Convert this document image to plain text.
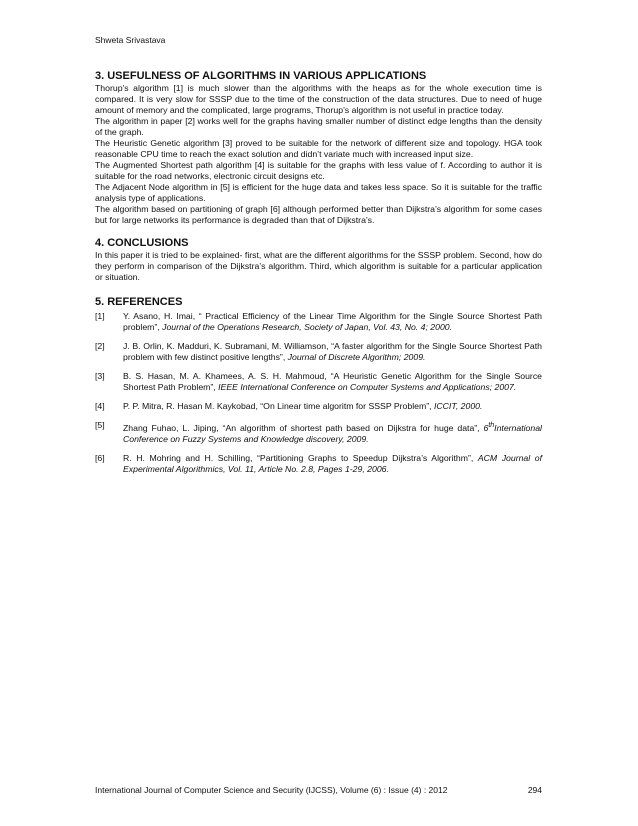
Shweta Srivastava
3. USEFULNESS OF ALGORITHMS IN VARIOUS APPLICATIONS

Thorup’s algorithm [1] is much slower than the algorithms with the heaps as for the whole execution time is compared. It is very slow for SSSP due to the time of the construction of the data structures. Due to need of huge amount of memory and the complicated, large programs, Thorup’s algorithm is not useful in practice today.

The algorithm in paper [2] works well for the graphs having smaller number of distinct edge lengths than the density of the graph.

The Heuristic Genetic algorithm [3] proved to be suitable for the network of different size and topology. HGA took reasonable CPU time to reach the exact solution and didn’t variate much with increased input size.

The Augmented Shortest path algorithm [4] is suitable for the graphs with less value of f. According to author it is suitable for the road networks, electronic circuit designs etc.

The Adjacent Node algorithm in [5] is efficient for the huge data and takes less space. So it is suitable for the traffic analysis type of applications.

The algorithm based on partitioning of graph [6] although performed better than Dijkstra’s algorithm for some cases but for large networks its performance is degraded than that of Dijkstra’s.

4. CONCLUSIONS

In this paper it is tried to be explained- first, what are the different algorithms for the SSSP problem. Second, how do they perform in comparison of the Dijkstra’s algorithm. Third, which algorithm is suitable for a particular application or situation.

5. REFERENCES
[1]	Y. Asano, H. Imai, “ Practical Efficiency of the Linear Time Algorithm for the Single Source Shortest Path problem”, Journal of the Operations Research, Society of Japan, Vol. 43, No. 4; 2000.
[2]	J. B. Orlin, K. Madduri, K. Subramani, M. Williamson, “A faster algorithm for the Single Source Shortest Path problem with few distinct positive lengths”, Journal of Discrete Algorithm; 2009.
[3]	B. S. Hasan, M. A. Khamees, A. S. H. Mahmoud, “A Heuristic Genetic Algorithm for the Single Source Shortest Path Problem”, IEEE International Conference on Computer Systems and Applications; 2007.
[4]	P. P. Mitra, R. Hasan M. Kaykobad, “On Linear time algoritm for SSSP Problem”, ICCIT, 2000.
[5]	Zhang Fuhao, L. Jiping, “An algorithm of shortest path based on Dijkstra for huge data”, 6thInternational Conference on Fuzzy Systems and Knowledge discovery, 2009.
[6]	R. H. Mohring and H. Schilling, “Partitioning Graphs to Speedup Dijkstra’s Algorithm”, ACM Journal of Experimental Algorithmics, Vol. 11, Article No. 2.8, Pages 1-29, 2006.
International Journal of Computer Science and Security (IJCSS), Volume (6) : Issue (4) : 2012	294
